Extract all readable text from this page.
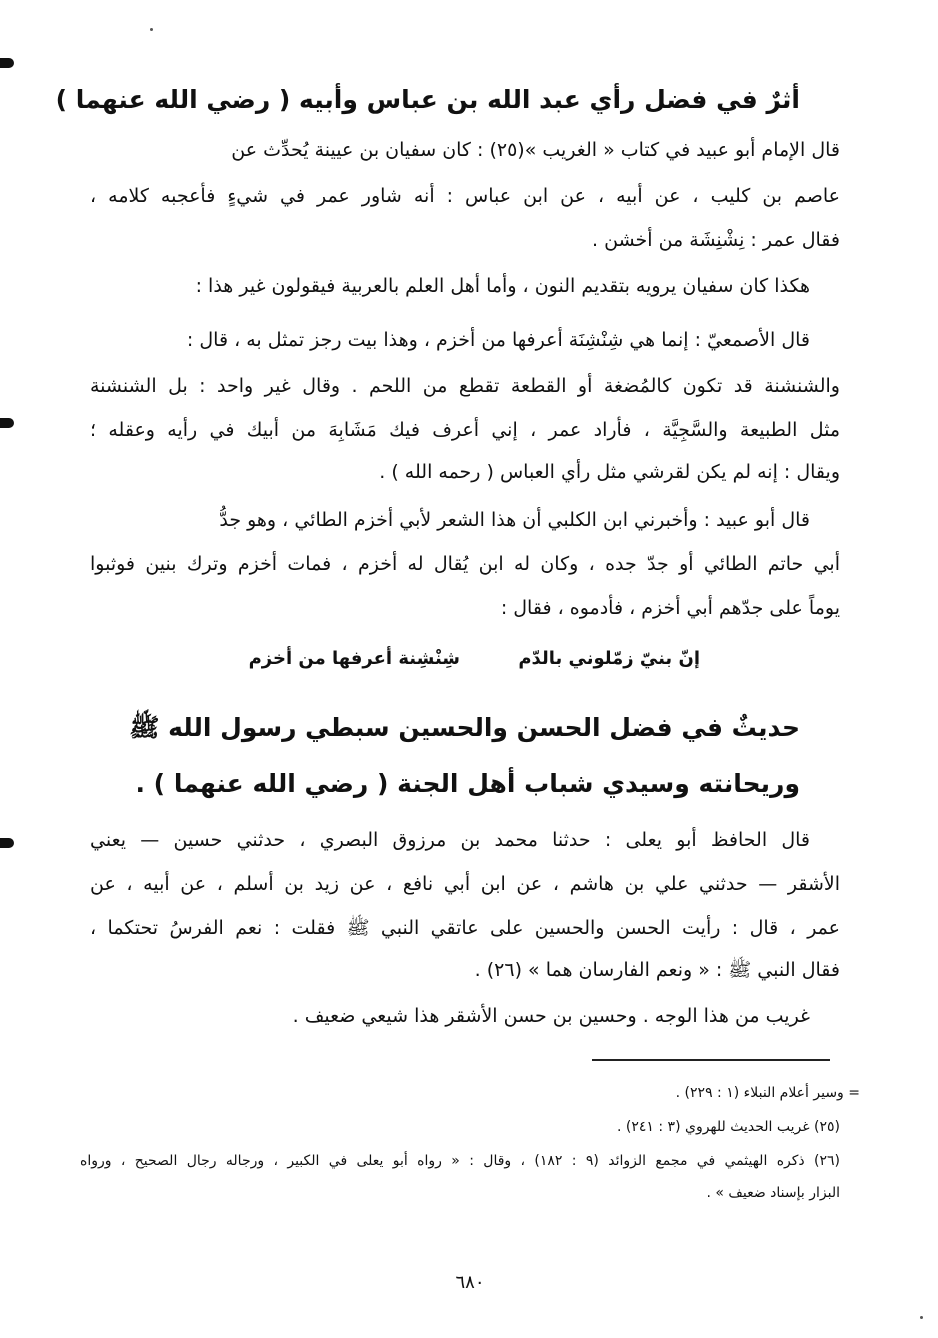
أثرٌ في فضل رأي عبد الله بن عباس وأبيه ( رضي الله عنهما )
قال الإمام أبو عبيد في كتاب « الغريب »(٢٥) : كان سفيان بن عيينة يُحدِّث عن
عاصم بن كليب ، عن أبيه ، عن ابن عباس : أنه شاور عمر في شيءٍ فأعجبه كلامه ،
فقال عمر : نِشْنِشَة من أخشن .
هكذا كان سفيان يرويه بتقديم النون ، وأما أهل العلم بالعربية فيقولون غير هذا :
قال الأصمعيّ : إنما هي شِنْشِنَة أعرفها من أخزم ، وهذا بيت رجز تمثل به ، قال :
والشنشنة قد تكون كالمُضغة أو القطعة تقطع من اللحم . وقال غير واحد : بل الشنشنة
مثل الطبيعة والسَّجِيَّة ، فأراد عمر ، إني أعرف فيك مَشَابِهَ من أبيك في رأيه وعقله ؛
ويقال : إنه لم يكن لقرشي مثل رأي العباس ( رحمه الله ) .
قال أبو عبيد : وأخبرني ابن الكلبي أن هذا الشعر لأبي أخزم الطائي ، وهو جدُّ
أبي حاتم الطائي أو جدّ جده ، وكان له ابن يُقال له أخزم ، فمات أخزم وترك بنين فوثبوا
يوماً على جدّهم أبي أخزم ، فأدموه ، فقال :
إنّ بنيّ زمّلوني بالدّم
شِنْشِنة أعرفها من أخزم
حديثٌ في فضل الحسن والحسين سبطي رسول الله ﷺ
وريحانته وسيدي شباب أهل الجنة ( رضي الله عنهما ) .
قال الحافظ أبو يعلى : حدثنا محمد بن مرزوق البصري ، حدثني حسين — يعني
الأشقر — حدثني علي بن هاشم ، عن ابن أبي نافع ، عن زيد بن أسلم ، عن أبيه ، عن
عمر ، قال : رأيت الحسن والحسين على عاتقي النبي ﷺ فقلت : نعم الفرسُ تحتكما ،
فقال النبي ﷺ : « ونعم الفارسان هما » (٢٦) .
غريب من هذا الوجه . وحسين بن حسن الأشقر هذا شيعي ضعيف .
= وسير أعلام النبلاء (١ : ٢٢٩) .
(٢٥) غريب الحديث للهروي (٣ : ٢٤١) .
(٢٦) ذكره الهيثمي في مجمع الزوائد (٩ : ١٨٢) ، وقال : « رواه أبو يعلى في الكبير ، ورجاله رجال الصحيح ، ورواه
البزار بإسناد ضعيف » .
٦٨٠
